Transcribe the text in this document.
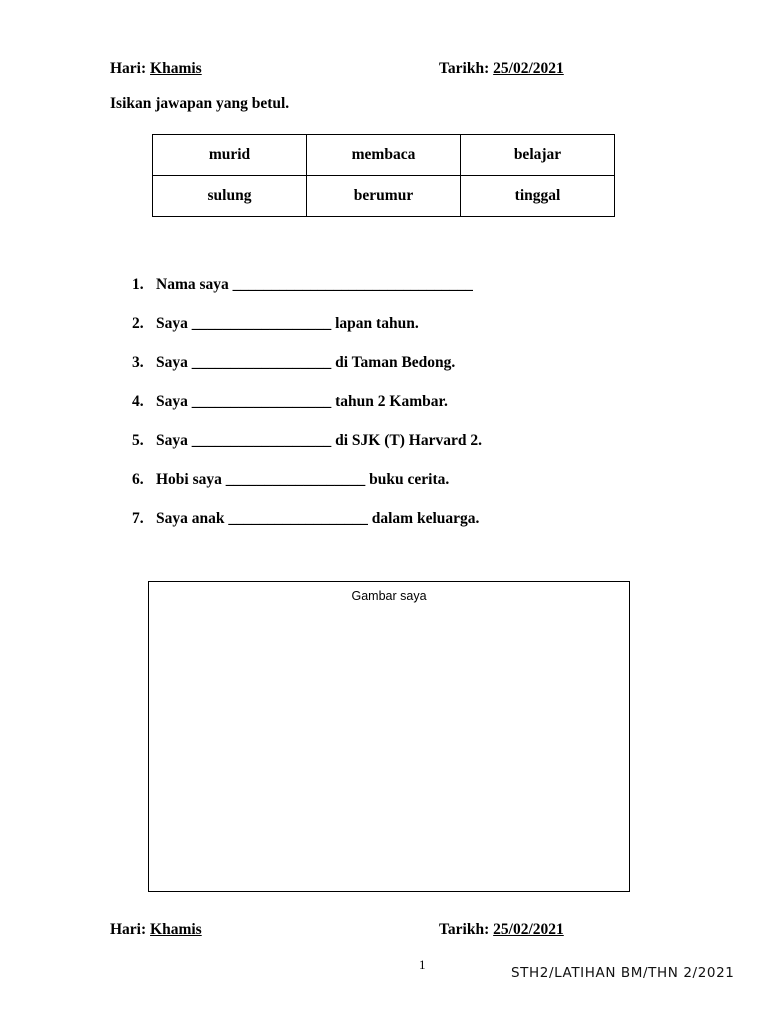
Hari: Khamis	Tarikh: 25/02/2021
Isikan jawapan yang betul.
murid	membaca	belajar
sulung	berumur	tinggal
1. Nama saya _______________________________
2. Saya __________________ lapan tahun.
3. Saya __________________ di Taman Bedong.
4. Saya __________________ tahun 2 Kambar.
5. Saya __________________ di SJK (T) Harvard 2.
6. Hobi saya __________________ buku cerita.
7. Saya anak __________________ dalam keluarga.
Gambar saya
Hari: Khamis	Tarikh: 25/02/2021
1
STH2/LATIHAN BM/THN 2/2021
